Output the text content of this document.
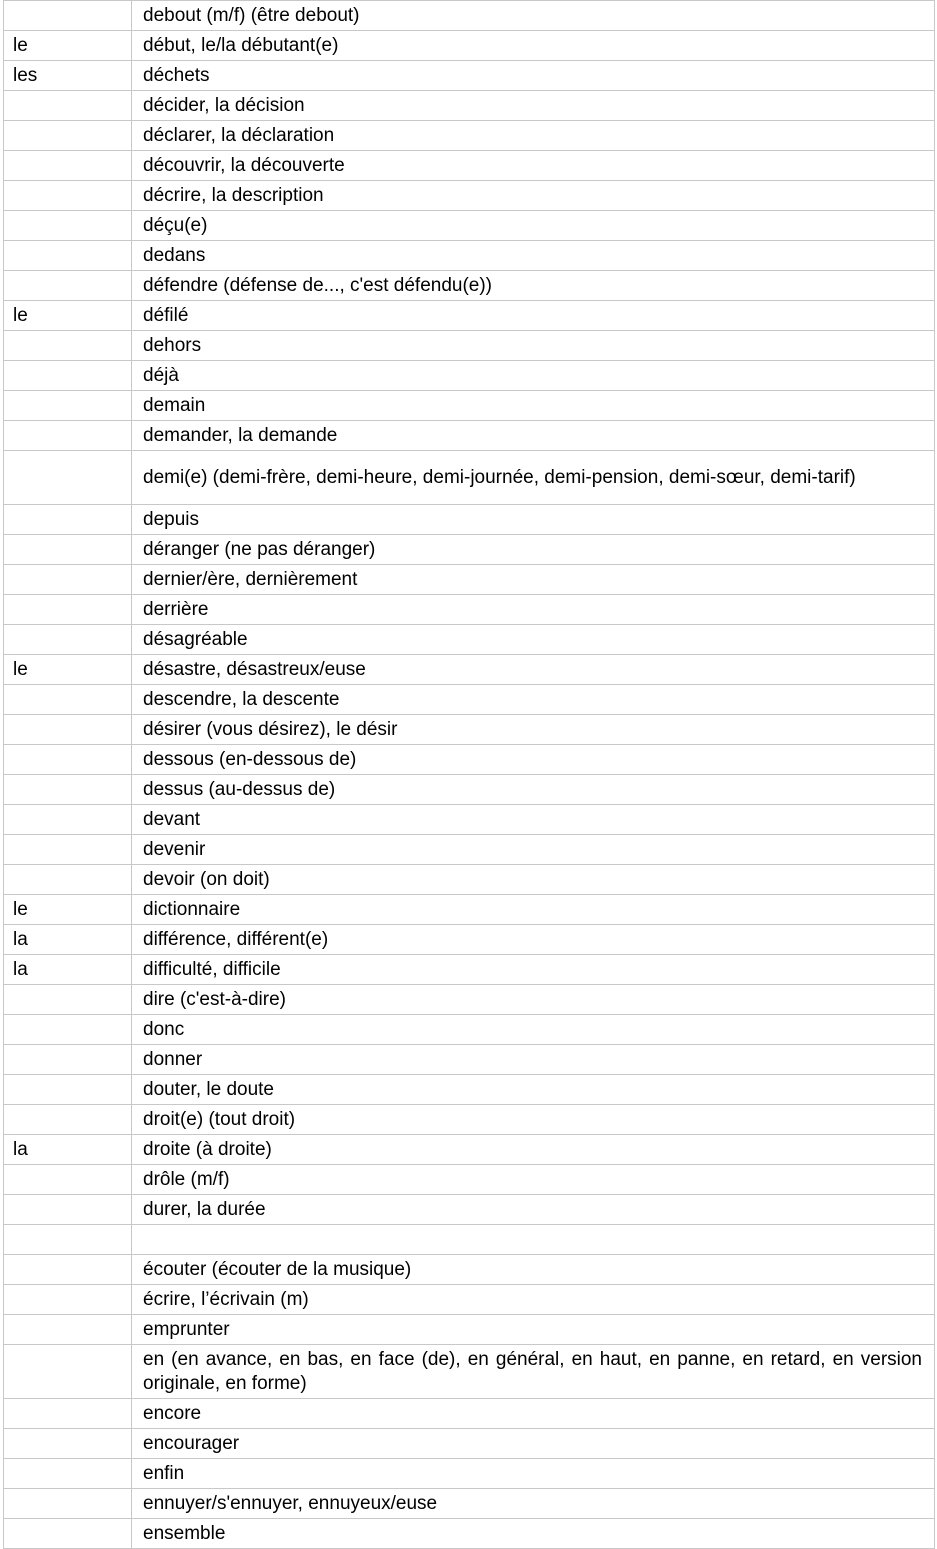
	debout (m/f) (être debout)
le	début, le/la débutant(e)
les	déchets
	décider, la décision
	déclarer, la déclaration
	découvrir, la découverte
	décrire, la description
	déçu(e)
	dedans
	défendre (défense de..., c'est défendu(e))
le	défilé
	dehors
	déjà
	demain
	demander, la demande
	demi(e) (demi-frère, demi-heure, demi-journée, demi-pension, demi-sœur, demi-tarif)
	depuis
	déranger (ne pas déranger)
	dernier/ère, dernièrement
	derrière
	désagréable
le	désastre, désastreux/euse
	descendre, la descente
	désirer (vous désirez), le désir
	dessous (en-dessous de)
	dessus (au-dessus de)
	devant
	devenir
	devoir (on doit)
le	dictionnaire
la	différence, différent(e)
la	difficulté, difficile
	dire (c'est-à-dire)
	donc
	donner
	douter, le doute
	droit(e) (tout droit)
la	droite (à droite)
	drôle (m/f)
	durer, la durée

	écouter (écouter de la musique)
	écrire, l’écrivain (m)
	emprunter
	en (en avance, en bas, en face (de), en général, en haut, en panne, en retard, en version originale, en forme)
	encore
	encourager
	enfin
	ennuyer/s'ennuyer, ennuyeux/euse
	ensemble
